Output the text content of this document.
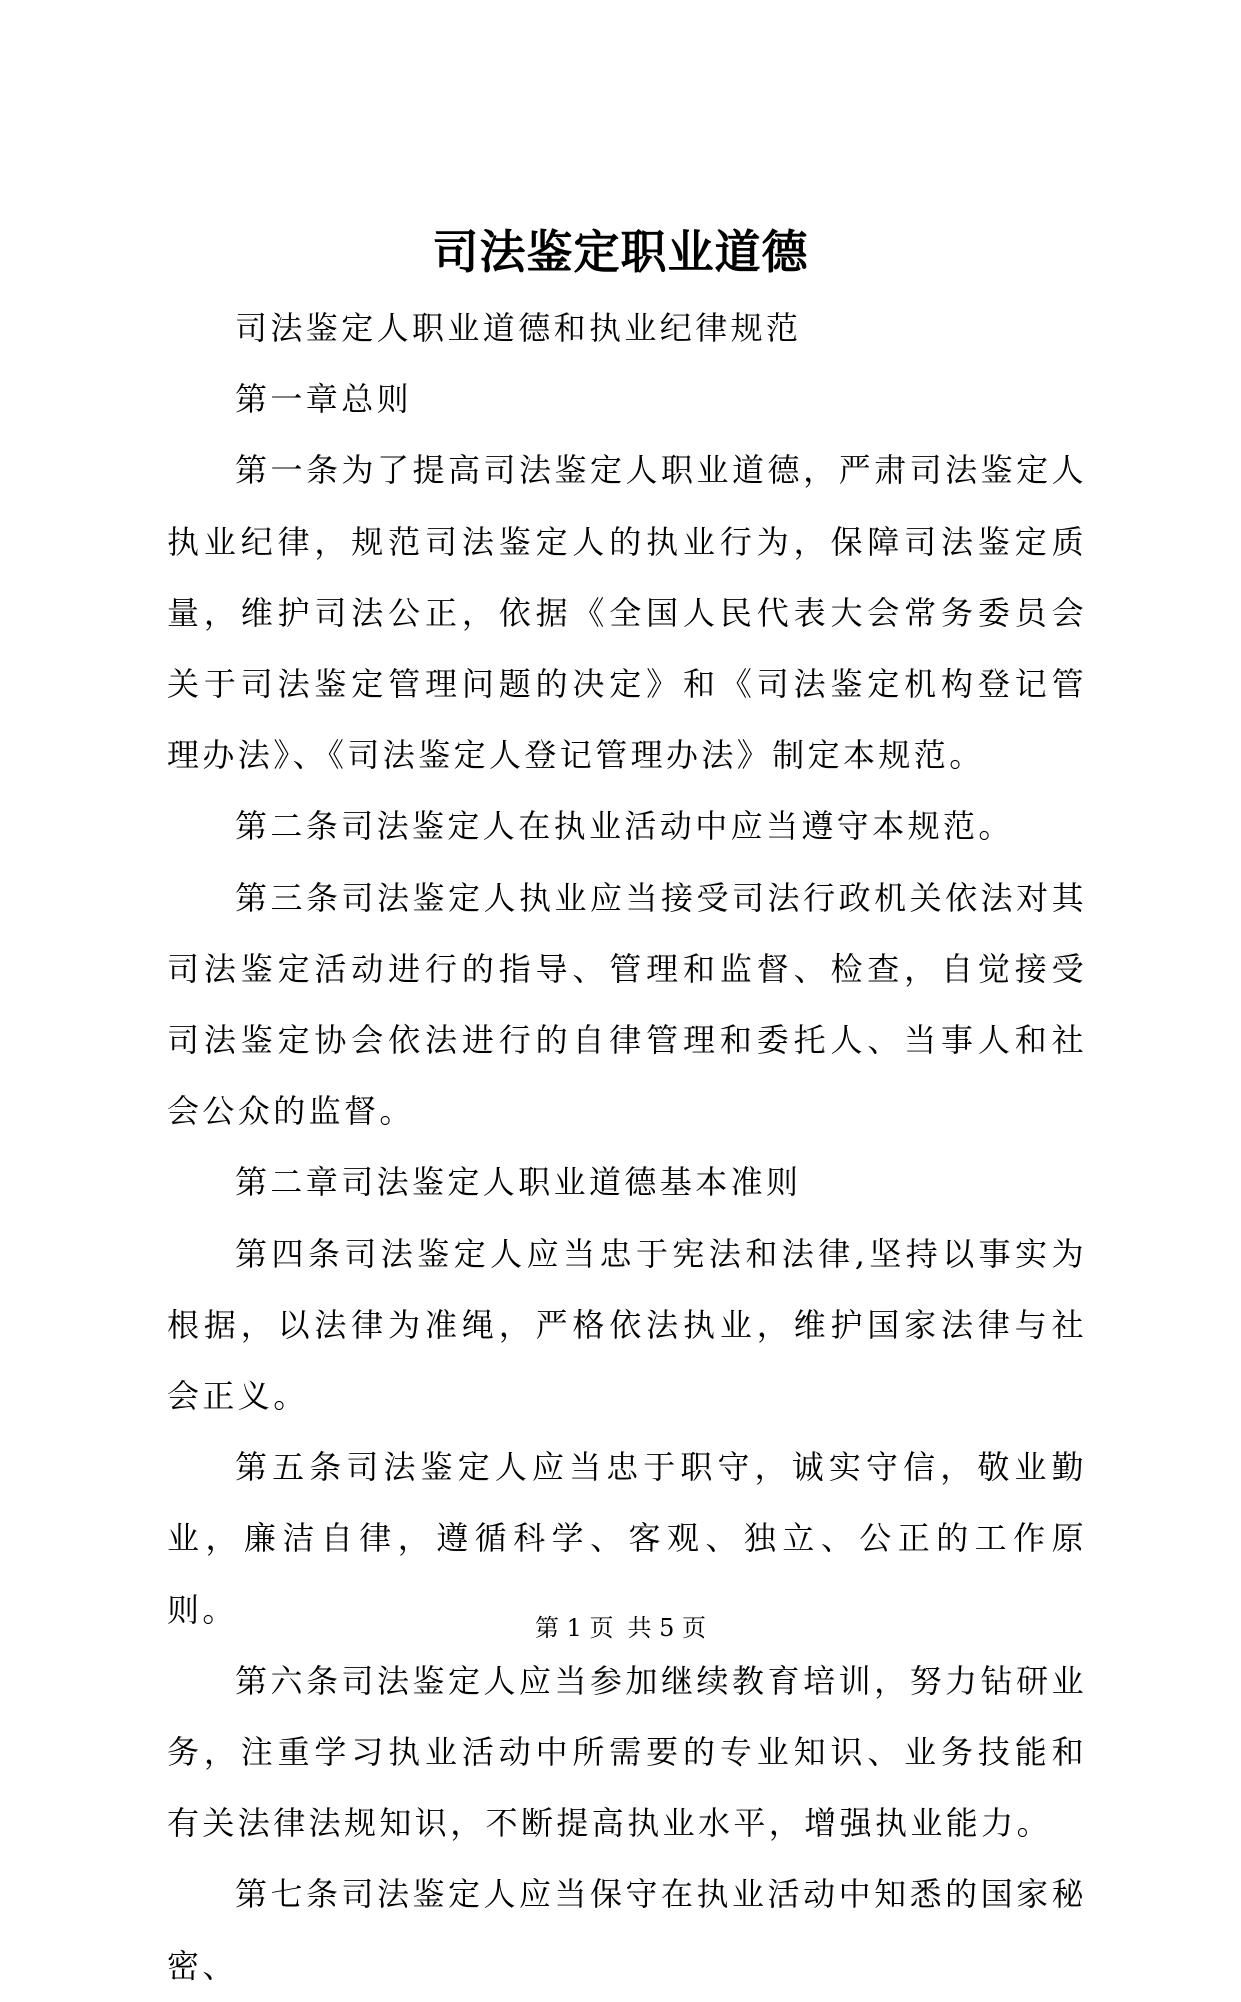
司法鉴定职业道德

司法鉴定人职业道德和执业纪律规范

第一章总则

第一条为了提高司法鉴定人职业道德，严肃司法鉴定人执业纪律，规范司法鉴定人的执业行为，保障司法鉴定质量，维护司法公正，依据《全国人民代表大会常务委员会关于司法鉴定管理问题的决定》和《司法鉴定机构登记管理办法》、《司法鉴定人登记管理办法》制定本规范。

第二条司法鉴定人在执业活动中应当遵守本规范。

第三条司法鉴定人执业应当接受司法行政机关依法对其司法鉴定活动进行的指导、管理和监督、检查，自觉接受司法鉴定协会依法进行的自律管理和委托人、当事人和社会公众的监督。

第二章司法鉴定人职业道德基本准则

第四条司法鉴定人应当忠于宪法和法律,坚持以事实为根据，以法律为准绳，严格依法执业，维护国家法律与社会正义。

第五条司法鉴定人应当忠于职守，诚实守信，敬业勤业，廉洁自律，遵循科学、客观、独立、公正的工作原则。

第六条司法鉴定人应当参加继续教育培训，努力钻研业务，注重学习执业活动中所需要的专业知识、业务技能和有关法律法规知识，不断提高执业水平，增强执业能力。

第七条司法鉴定人应当保守在执业活动中知悉的国家秘密、

第 1 页 共 5 页
